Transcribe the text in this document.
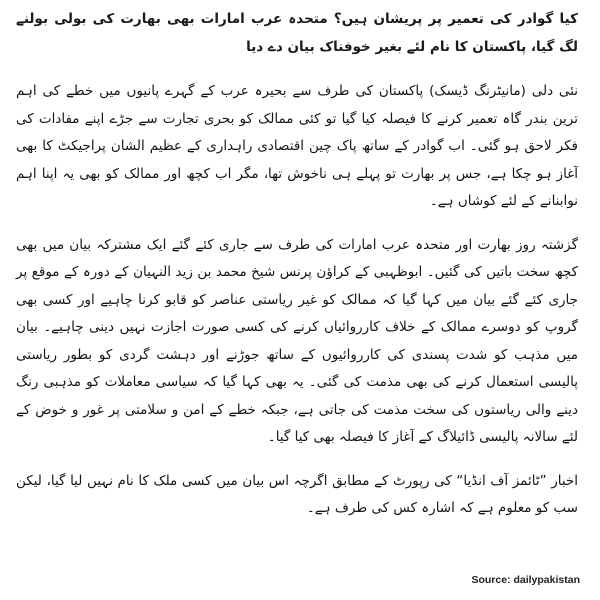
کیا گوادر کی تعمیر پر پریشان ہیں؟ متحدہ عرب امارات بھی بھارت کی بولی بولنے لگ گیا، پاکستان کا نام لئے بغیر خوفناک بیان دے دیا

نئی دلی (مانیٹرنگ ڈیسک) پاکستان کی طرف سے بحیرہ عرب کے گہرے پانیوں میں خطے کی اہم ترین بندر گاہ تعمیر کرنے کا فیصلہ کیا گیا تو کئی ممالک کو بحری تجارت سے جڑے اپنے مفادات کی فکر لاحق ہو گئی۔ اب گوادر کے ساتھ پاک چین اقتصادی راہداری کے عظیم الشان پراجیکٹ کا بھی آغاز ہو چکا ہے، جس پر بھارت تو پہلے ہی ناخوش تھا، مگر اب کچھ اور ممالک کو بھی یہ اپنا اہم نوابنانے کے لئے کوشاں ہے۔

گزشتہ روز بھارت اور متحدہ عرب امارات کی طرف سے جاری کئے گئے ایک مشترکہ بیان میں بھی کچھ سخت باتیں کی گئیں۔ ابوظہبی کے کراؤن پرنس شیخ محمد بن زید النہیان کے دورہ کے موقع پر جاری کئے گئے بیان میں کہا گیا کہ ممالک کو غیر ریاستی عناصر کو قابو کرنا چاہیے اور کسی بھی گروپ کو دوسرے ممالک کے خلاف کارروائیاں کرنے کی کسی صورت اجازت نہیں دینی چاہیے۔ بیان میں مذہب کو شدت پسندی کی کارروائیوں کے ساتھ جوڑنے اور دہشت گردی کو بطور ریاستی پالیسی استعمال کرنے کی بھی مذمت کی گئی۔ یہ بھی کہا گیا کہ سیاسی معاملات کو مذہبی رنگ دینے والی ریاستوں کی سخت مذمت کی جاتی ہے، جبکہ خطے کے امن و سلامتی پر غور و خوض کے لئے سالانہ پالیسی ڈائیلاگ کے آغاز کا فیصلہ بھی کیا گیا۔

اخبار ”ٹائمز آف انڈیا“ کی رپورٹ کے مطابق اگرچہ اس بیان میں کسی ملک کا نام نہیں لیا گیا، لیکن سب کو معلوم ہے کہ اشارہ کس کی طرف ہے۔

Source: dailypakistan
